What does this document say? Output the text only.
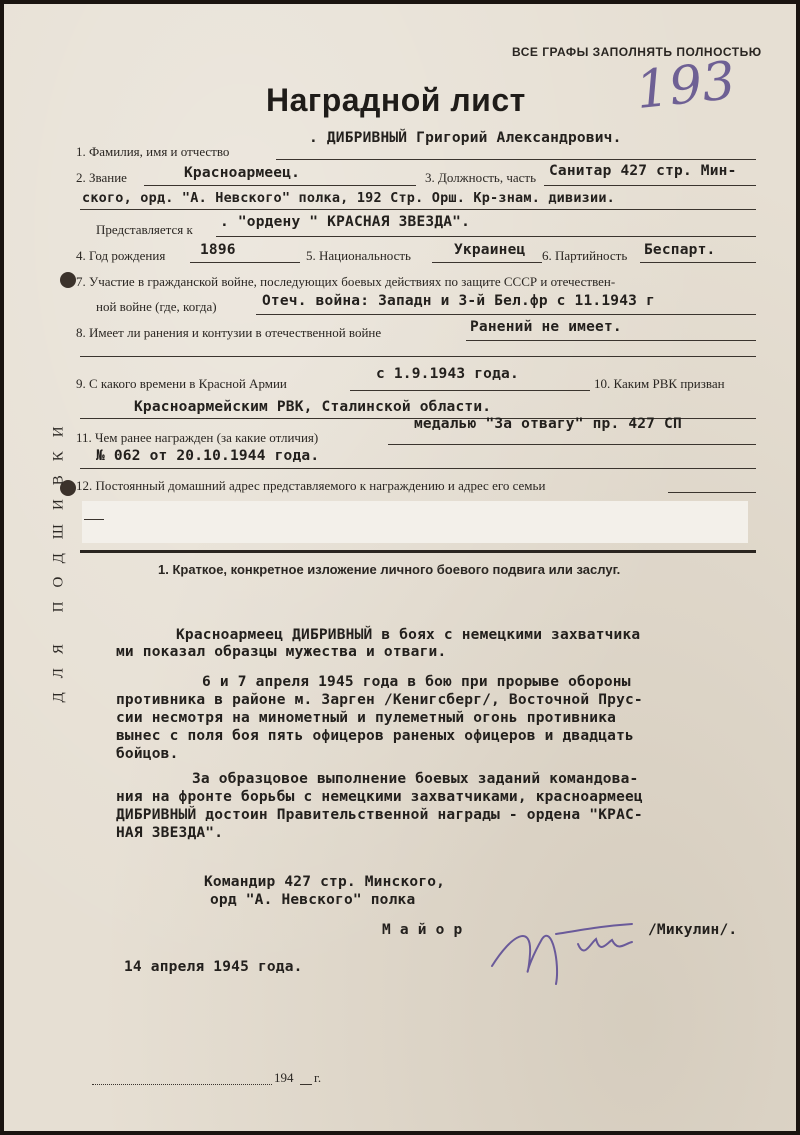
ДЛЯ ПОДШИВКИ
ВСЕ ГРАФЫ ЗАПОЛНЯТЬ ПОЛНОСТЬЮ
Наградной лист 193
1. Фамилия, имя и отчество
. ДИБРИВНЫЙ Григорий Александрович.
2. Звание	Красноармеец.	3. Должность, часть Санитар 427 стр. Мин-
ского, орд. "А. Невского" полка, 192 Стр. Орш. Кр-знам. дивизии.
Представляется к . "ордену " КРАСНАЯ ЗВЕЗДА".
4. Год рождения 1896	5. Национальность	Украинец 6. Партийность Беспарт.
7. Участие в гражданской войне, последующих боевых действиях по защите СССР и отечествен-
ной войне (где, когда)	Отеч. война: Западн и 3-й Бел.фр с 11.1943 г
8. Имеет ли ранения и контузии в отечественной войне	Ранений не имеет.
9. С какого времени в Красной Армии
с 1.9.1943 года.
10. Каким РВК призван
Красноармейским РВК, Сталинской области.
11. Чем ранее награжден (за какие отличия)
медалью "За отвагу" пр. 427 СП
№ 062 от 20.10.1944 года.
12. Постоянный домашний адрес представляемого к награждению и адрес его семьи
1. Краткое, конкретное изложение личного боевого подвига или заслуг.
Красноармеец ДИБРИВНЫЙ в боях с немецкими захватчика
ми показал образцы мужества и отваги.
6 и 7 апреля 1945 года в бою при прорыве обороны
противника в районе м. Зарген /Кенигсберг/, Восточной Прус-
сии несмотря на минометный и пулеметный огонь противника
вынес с поля боя пять офицеров раненых офицеров и двадцать
бойцов.
За образцовое выполнение боевых заданий командова-
ния на фронте борьбы с немецкими захватчиками, красноармеец
ДИБРИВНЫЙ достоин Правительственной награды - ордена "КРАС-
НАЯ ЗВЕЗДА".
Командир 427 стр. Минского,
орд "А. Невского" полка
М а й о р	/Микулин/.
14 апреля 1945 года.
194 г.
